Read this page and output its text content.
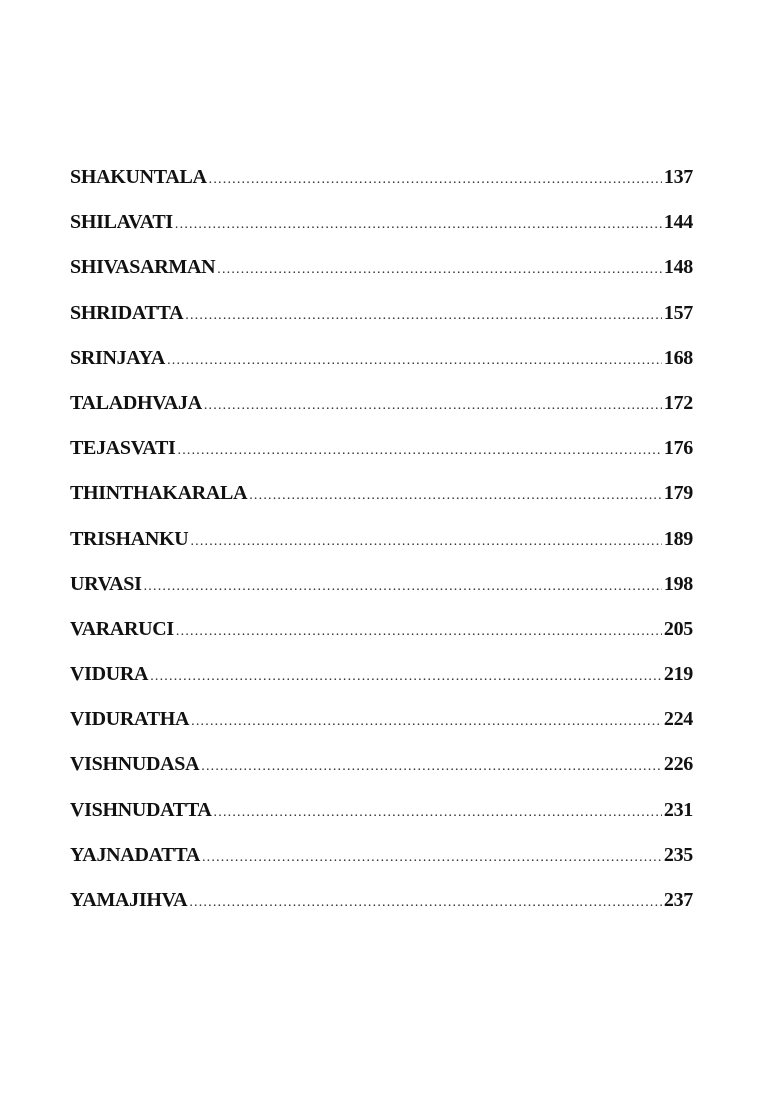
SHAKUNTALA .....	137
SHILAVATI .....	144
SHIVASARMAN .....	148
SHRIDATTA .....	157
SRINJAYA .....	168
TALADHVAJA .....	172
TEJASVATI .....	176
THINTHAKARALA .....	179
TRISHANKU .....	189
URVASI .....	198
VARARUCI .....	205
VIDURA .....	219
VIDURATHA .....	224
VISHNUDASA .....	226
VISHNUDATTA .....	231
YAJNADATTA .....	235
YAMAJIHVA .....	237
